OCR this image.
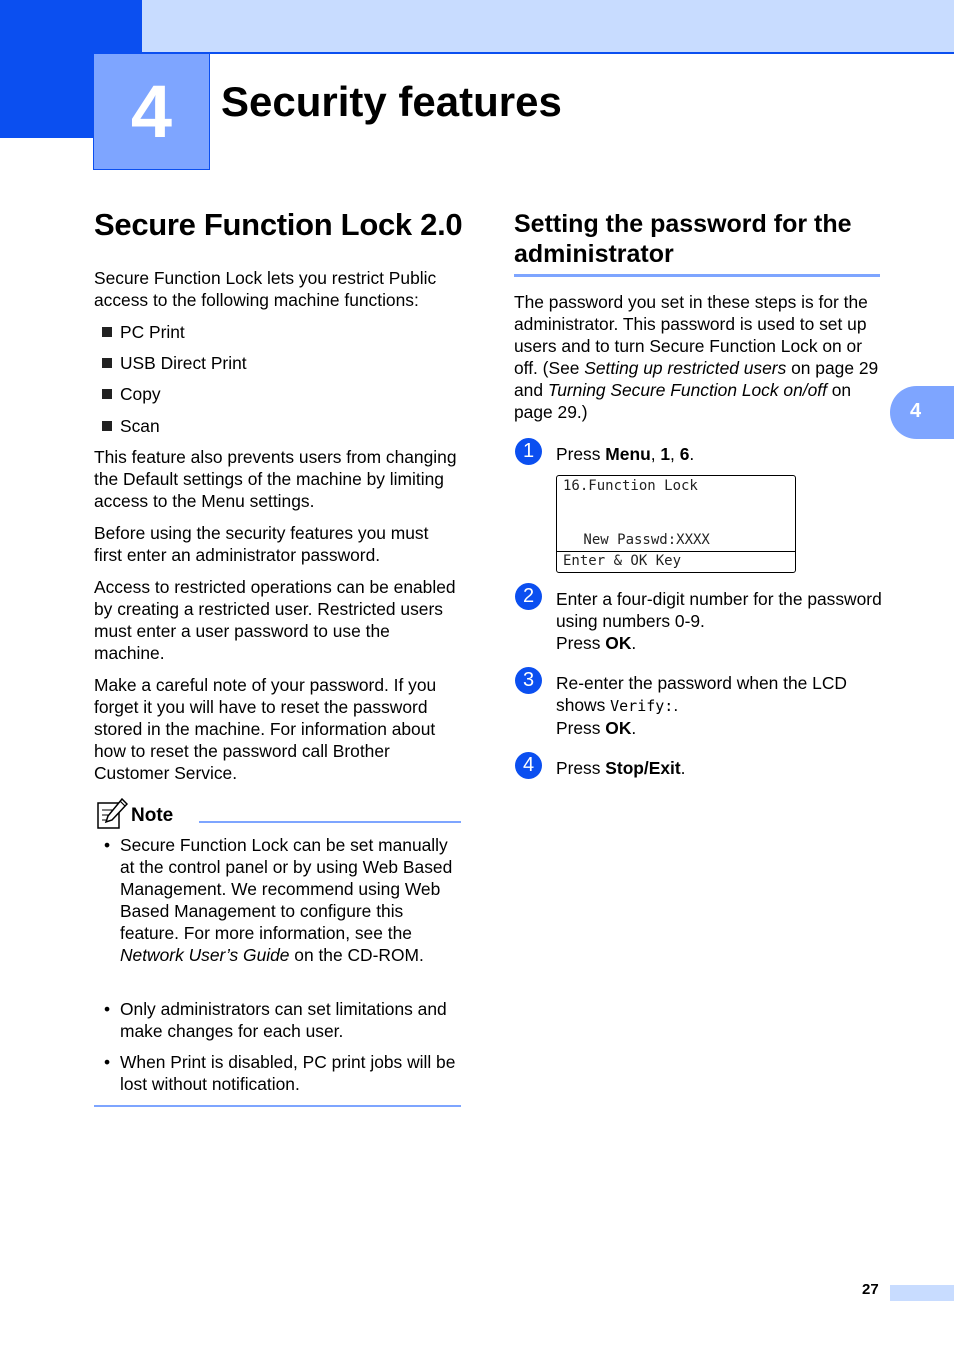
4	Security features
Secure Function Lock 2.0

Secure Function Lock lets you restrict Public access to the following machine functions:

PC Print
USB Direct Print
Copy
Scan

This feature also prevents users from changing the Default settings of the machine by limiting access to the Menu settings.

Before using the security features you must first enter an administrator password.

Access to restricted operations can be enabled by creating a restricted user. Restricted users must enter a user password to use the machine.

Make a careful note of your password. If you forget it you will have to reset the password stored in the machine. For information about how to reset the password call Brother Customer Service.

Note
• Secure Function Lock can be set manually at the control panel or by using Web Based Management. We recommend using Web Based Management to configure this feature. For more information, see the Network User’s Guide on the CD-ROM.
• Only administrators can set limitations and make changes for each user.
• When Print is disabled, PC print jobs will be lost without notification.
Setting the password for the administrator

The password you set in these steps is for the administrator. This password is used to set up users and to turn Secure Function Lock on or off. (See Setting up restricted users on page 29 and Turning Secure Function Lock on/off on page 29.)

1	Press Menu, 1, 6.
16.Function Lock
New Passwd:XXXX
Enter & OK Key
2	Enter a four-digit number for the password using numbers 0-9.
Press OK.
3	Re-enter the password when the LCD shows Verify:.
Press OK.
4	Press Stop/Exit.
4
27
